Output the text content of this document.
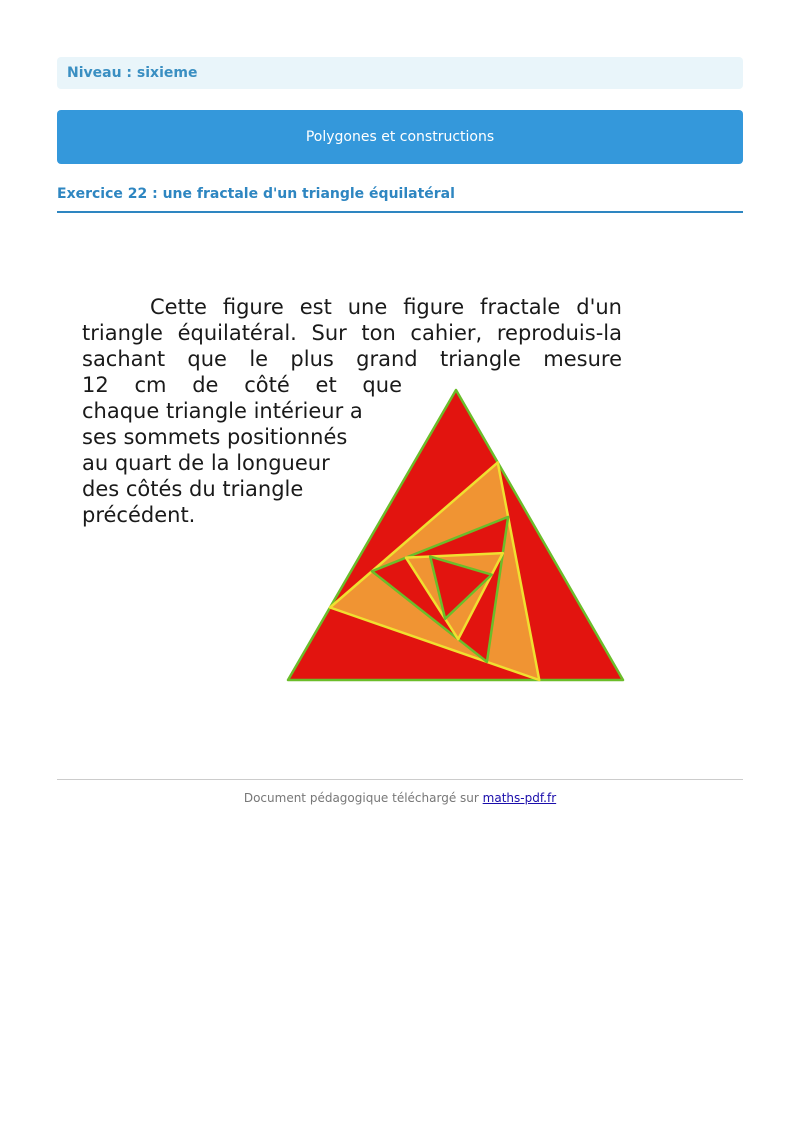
Niveau : sixieme
Polygones et constructions
Exercice 22 : une fractale d'un triangle équilatéral
Cette figure est une figure fractale d'un
triangle équilatéral. Sur ton cahier, reproduis-la
sachant que le plus grand triangle mesure
12 cm de côté et que
chaque triangle intérieur a
ses sommets positionnés
au quart de la longueur
des côtés du triangle
précédent.
Document pédagogique téléchargé sur maths-pdf.fr
